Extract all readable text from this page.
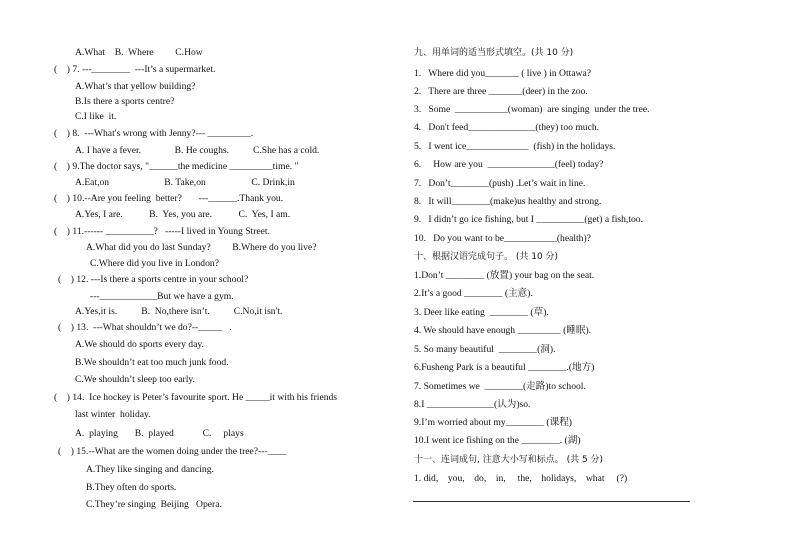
A.What    B.  Where         C.How
(    ) 7. ---________  ---It’s a supermarket.
A.What’s that yellow building?
B.Is there a sports centre?
C.I like  it.
(    ) 8.  ---What's wrong with Jenny?--- _________.
A. I have a fever.              B. He coughs.          C.She has a cold.
(    ) 9.The doctor says, "______the medicine _________time. "
A.Eat,on                       B. Take,on                   C. Drink,in
(    ) 10.--Are you feeling  better?       ---______.Thank you.
A.Yes, I are.           B.  Yes, you are.           C.  Yes, I am.
(    ) 11.------ __________?   -----I lived in Young Street.
A.What did you do last Sunday?         B.Where do you live?
C.Where did you live in London?
(    ) 12. ---Is there a sports centre in your school?
---____________But we have a gym.
A.Yes,it is.          B.  No,there isn’t.          C.No,it isn't.
(    ) 13.  ---What shouldn’t we do?--_____   .
A.We should do sports every day.
B.We shouldn’t eat too much junk food.
C.We shouldn’t sleep too early.
(    ) 14.  Ice hockey is Peter’s favourite sport. He _____it with his friends
last winter  holiday.
A.  playing       B.  played            C.     plays
(    ) 15.--What are the women doing under the tree?---____
A.They like singing and dancing.
B.They often do sports.
C.They’re singing  Beijing   Opera.
九、用单词的适当形式填空。(共 10 分)
1.   Where did you_______ ( live ) in Ottawa?
2.   There are three _______(deer) in the zoo.
3.   Some  ___________(woman)  are singing  under the tree.
4.   Don't feed______________(they) too much.
5.   I went ice_____________  (fish) in the holidays.
6.     How are you  ______________(feel) today?
7.   Don’t________(push) .Let’s wait in line.
8.   It will________(make)us healthy and strong.
9.   I didn’t go ice fishing, but I __________(get) a fish,too.
10.   Do you want to be___________(health)?
十、根据汉语完成句子。 (共 10 分)
1.Don’t ________ (放置) your bag on the seat.
2.It’s a good ________ (主意).
3. Deer like eating  ________ (草).
4. We should have enough _________ (睡眠).
5. So many beautiful  ________(洞).
6.Fusheng Park is a beautiful ________.(地方)
7. Sometimes we  ________(走路)to school.
8.I ______________(认为)so.
9.I’m worried about my________ (课程)
10.I went ice fishing on the ________. (湖)
十一、连词成句, 注意大小写和标点。 (共 5 分)
1. did,    you,    do,    in,     the,    holidays,    what     (?)
